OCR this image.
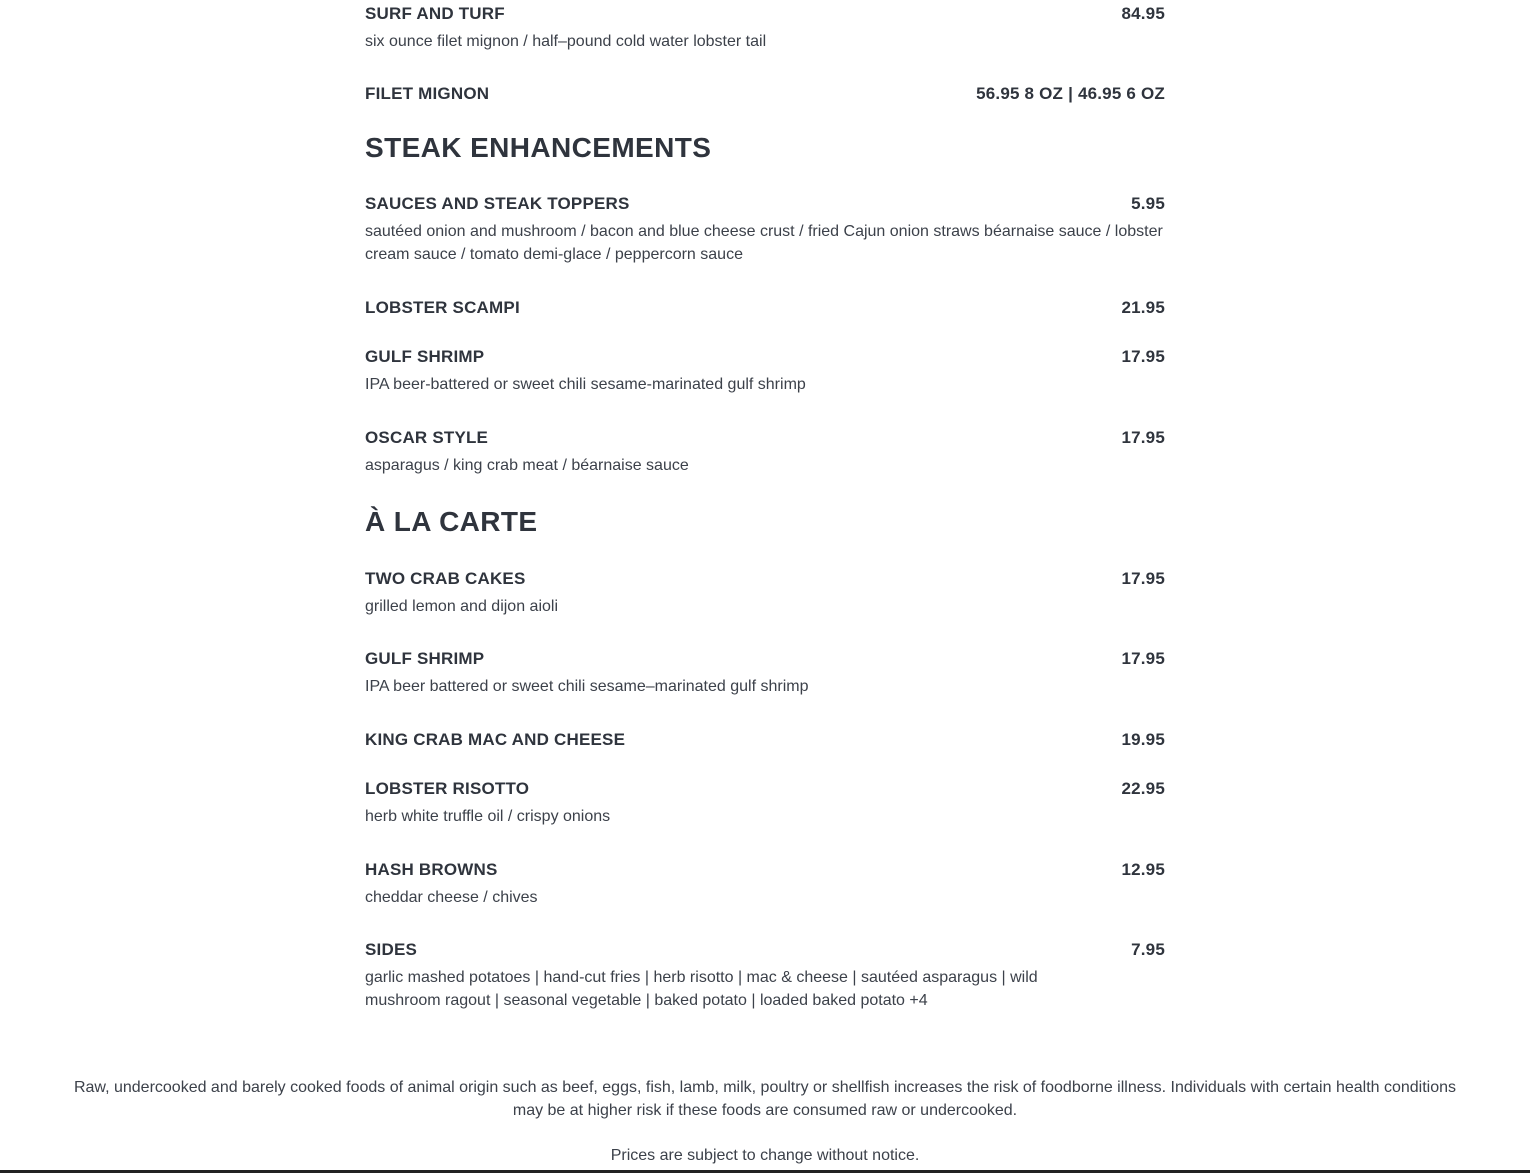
SURF AND TURF	84.95
six ounce filet mignon / half–pound cold water lobster tail
FILET MIGNON	56.95 8 OZ | 46.95 6 OZ
STEAK ENHANCEMENTS
SAUCES AND STEAK TOPPERS	5.95
sautéed onion and mushroom / bacon and blue cheese crust / fried Cajun onion straws béarnaise sauce / lobster cream sauce / tomato demi-glace / peppercorn sauce
LOBSTER SCAMPI	21.95
GULF SHRIMP	17.95
IPA beer-battered or sweet chili sesame-marinated gulf shrimp
OSCAR STYLE	17.95
asparagus / king crab meat / béarnaise sauce
À LA CARTE
TWO CRAB CAKES	17.95
grilled lemon and dijon aioli
GULF SHRIMP	17.95
IPA beer battered or sweet chili sesame–marinated gulf shrimp
KING CRAB MAC AND CHEESE	19.95
LOBSTER RISOTTO	22.95
herb white truffle oil / crispy onions
HASH BROWNS	12.95
cheddar cheese / chives
SIDES	7.95
garlic mashed potatoes | hand-cut fries | herb risotto | mac & cheese | sautéed asparagus | wild mushroom ragout | seasonal vegetable | baked potato | loaded baked potato +4
Raw, undercooked and barely cooked foods of animal origin such as beef, eggs, fish, lamb, milk, poultry or shellfish increases the risk of foodborne illness. Individuals with certain health conditions may be at higher risk if these foods are consumed raw or undercooked.
Prices are subject to change without notice.
